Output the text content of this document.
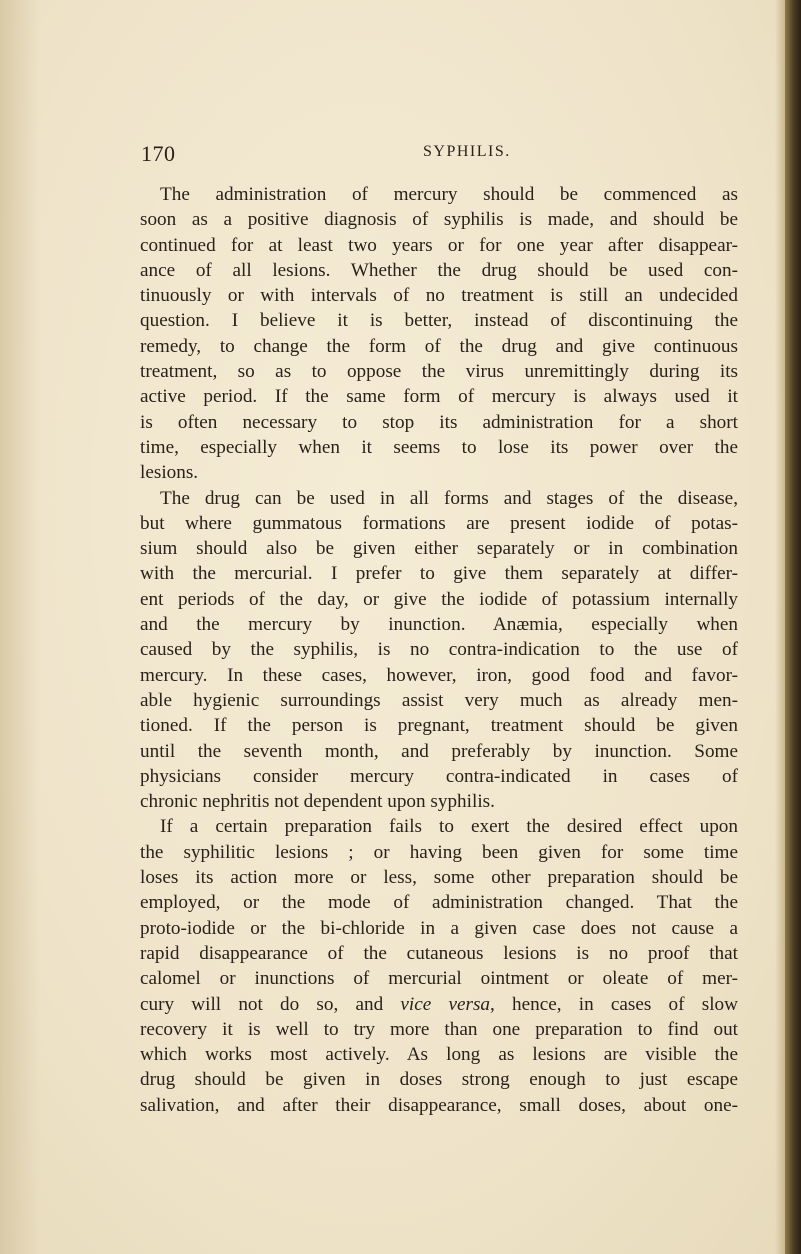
170	SYPHILIS.

The administration of mercury should be commenced as
soon as a positive diagnosis of syphilis is made, and should be
continued for at least two years or for one year after disappear-
ance of all lesions. Whether the drug should be used con-
tinuously or with intervals of no treatment is still an undecided
question. I believe it is better, instead of discontinuing the
remedy, to change the form of the drug and give continuous
treatment, so as to oppose the virus unremittingly during its
active period. If the same form of mercury is always used it
is often necessary to stop its administration for a short
time, especially when it seems to lose its power over the
lesions.

The drug can be used in all forms and stages of the disease,
but where gummatous formations are present iodide of potas-
sium should also be given either separately or in combination
with the mercurial. I prefer to give them separately at differ-
ent periods of the day, or give the iodide of potassium internally
and the mercury by inunction. Anæmia, especially when
caused by the syphilis, is no contra-indication to the use of
mercury. In these cases, however, iron, good food and favor-
able hygienic surroundings assist very much as already men-
tioned. If the person is pregnant, treatment should be given
until the seventh month, and preferably by inunction. Some
physicians consider mercury contra-indicated in cases of
chronic nephritis not dependent upon syphilis.

If a certain preparation fails to exert the desired effect upon
the syphilitic lesions ; or having been given for some time
loses its action more or less, some other preparation should be
employed, or the mode of administration changed. That the
proto-iodide or the bi-chloride in a given case does not cause a
rapid disappearance of the cutaneous lesions is no proof that
calomel or inunctions of mercurial ointment or oleate of mer-
cury will not do so, and vice versa, hence, in cases of slow
recovery it is well to try more than one preparation to find out
which works most actively. As long as lesions are visible the
drug should be given in doses strong enough to just escape
salivation, and after their disappearance, small doses, about one-
